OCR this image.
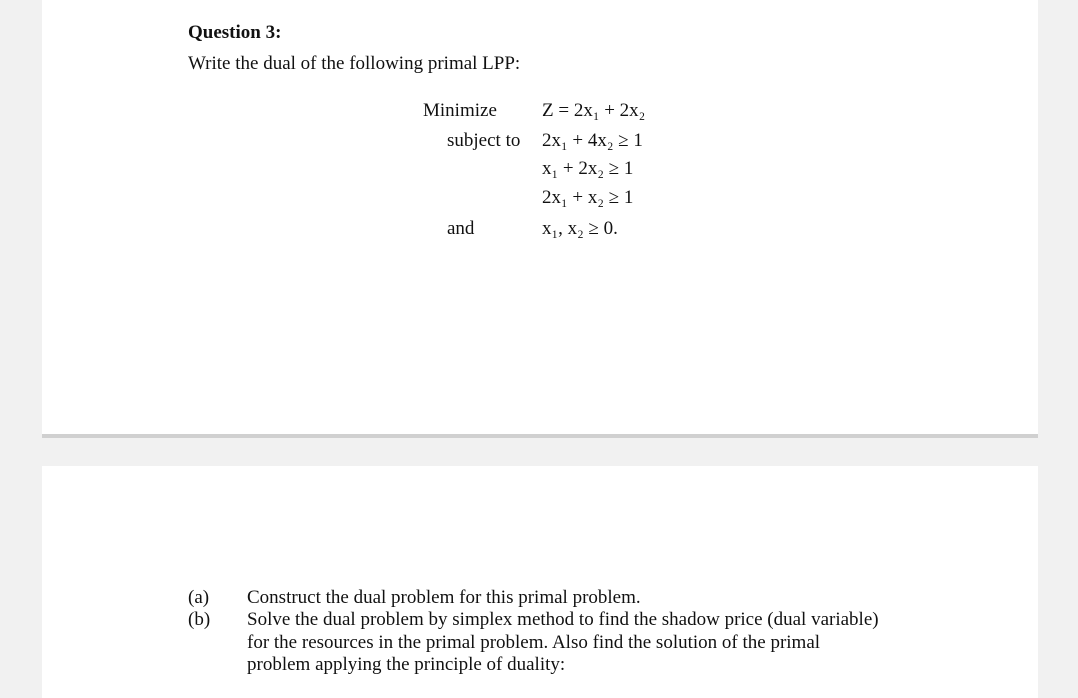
Question 3:
Write the dual of the following primal LPP:
Minimize Z = 2x₁ + 2x₂
subject to 2x₁ + 4x₂ ≥ 1
x₁ + 2x₂ ≥ 1
2x₁ + x₂ ≥ 1
and	x₁, x₂ ≥ 0.
(a) Construct the dual problem for this primal problem.
(b) Solve the dual problem by simplex method to find the shadow price (dual variable) for the resources in the primal problem. Also find the solution of the primal problem applying the principle of duality:
